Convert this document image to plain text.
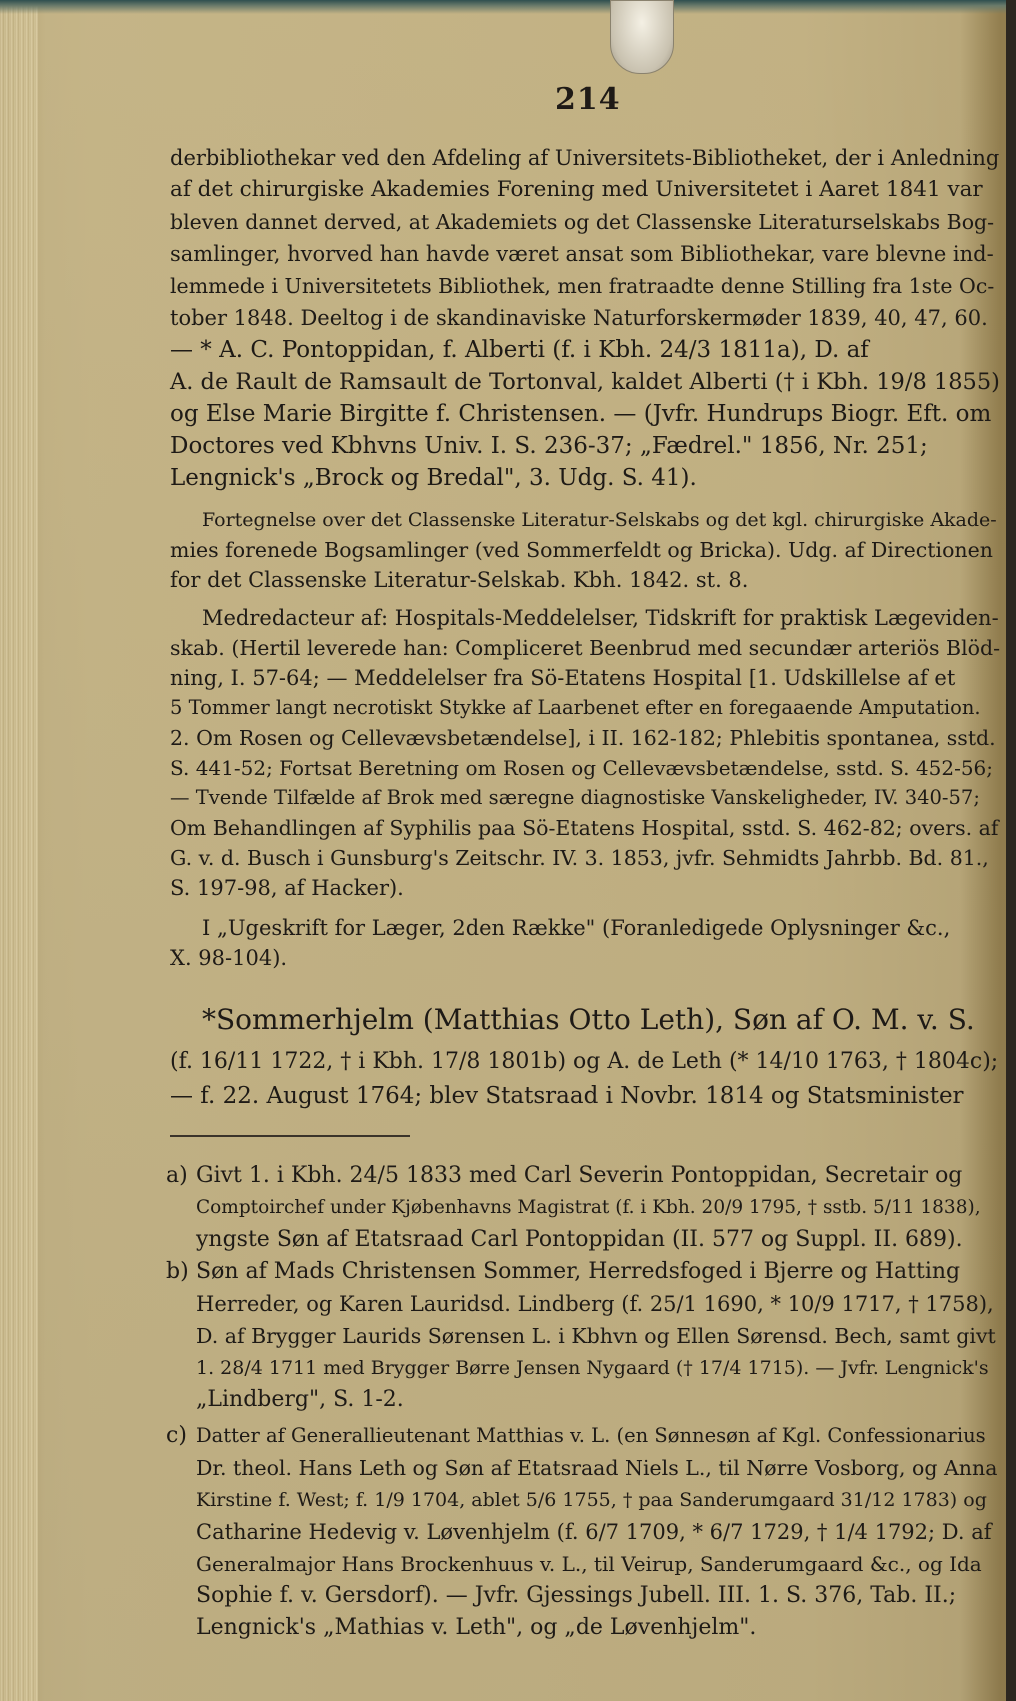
214
derbibliothekar ved den Afdeling af Universitets-Bibliotheket, der i Anledning
af det chirurgiske Akademies Forening med Universitetet i Aaret 1841 var
bleven dannet derved, at Akademiets og det Classenske Literaturselskabs Bog-
samlinger, hvorved han havde været ansat som Bibliothekar, vare blevne ind-
lemmede i Universitetets Bibliothek, men fratraadte denne Stilling fra 1ste Oc-
tober 1848. Deeltog i de skandinaviske Naturforskermøder 1839, 40, 47, 60.
— * A. C. Pontoppidan, f. Alberti (f. i Kbh. 24/3 1811a), D. af
A. de Rault de Ramsault de Tortonval, kaldet Alberti († i Kbh. 19/8 1855)
og Else Marie Birgitte f. Christensen. — (Jvfr. Hundrups Biogr. Eft. om
Doctores ved Kbhvns Univ. I. S. 236-37; „Fædrel." 1856, Nr. 251;
Lengnick's „Brock og Bredal", 3. Udg. S. 41).
Fortegnelse over det Classenske Literatur-Selskabs og det kgl. chirurgiske Akade-
mies forenede Bogsamlinger (ved Sommerfeldt og Bricka). Udg. af Directionen
for det Classenske Literatur-Selskab. Kbh. 1842. st. 8.
Medredacteur af: Hospitals-Meddelelser, Tidskrift for praktisk Lægeviden-
skab. (Hertil leverede han: Compliceret Beenbrud med secundær arteriös Blöd-
ning, I. 57-64; — Meddelelser fra Sö-Etatens Hospital [1. Udskillelse af et
5 Tommer langt necrotiskt Stykke af Laarbenet efter en foregaaende Amputation.
2. Om Rosen og Cellevævsbetændelse], i II. 162-182; Phlebitis spontanea, sstd.
S. 441-52; Fortsat Beretning om Rosen og Cellevævsbetændelse, sstd. S. 452-56;
— Tvende Tilfælde af Brok med særegne diagnostiske Vanskeligheder, IV. 340-57;
Om Behandlingen af Syphilis paa Sö-Etatens Hospital, sstd. S. 462-82; overs. af
G. v. d. Busch i Gunsburg's Zeitschr. IV. 3. 1853, jvfr. Sehmidts Jahrbb. Bd. 81.,
S. 197-98, af Hacker).
I „Ugeskrift for Læger, 2den Række" (Foranledigede Oplysninger &c.,
X. 98-104).
*Sommerhjelm (Matthias Otto Leth), Søn af O. M. v. S.
(f. 16/11 1722, † i Kbh. 17/8 1801b) og A. de Leth (* 14/10 1763, † 1804c);
— f. 22. August 1764; blev Statsraad i Novbr. 1814 og Statsminister
a) Givt 1. i Kbh. 24/5 1833 med Carl Severin Pontoppidan, Secretair og
Comptoirchef under Kjøbenhavns Magistrat (f. i Kbh. 20/9 1795, † sstb. 5/11 1838),
yngste Søn af Etatsraad Carl Pontoppidan (II. 577 og Suppl. II. 689).
b) Søn af Mads Christensen Sommer, Herredsfoged i Bjerre og Hatting
Herreder, og Karen Lauridsd. Lindberg (f. 25/1 1690, * 10/9 1717, † 1758),
D. af Brygger Laurids Sørensen L. i Kbhvn og Ellen Sørensd. Bech, samt givt
1. 28/4 1711 med Brygger Børre Jensen Nygaard († 17/4 1715). — Jvfr. Lengnick's
„Lindberg", S. 1-2.
c) Datter af Generallieutenant Matthias v. L. (en Sønnesøn af Kgl. Confessionarius
Dr. theol. Hans Leth og Søn af Etatsraad Niels L., til Nørre Vosborg, og Anna
Kirstine f. West; f. 1/9 1704, ablet 5/6 1755, † paa Sanderumgaard 31/12 1783) og
Catharine Hedevig v. Løvenhjelm (f. 6/7 1709, * 6/7 1729, † 1/4 1792; D. af
Generalmajor Hans Brockenhuus v. L., til Veirup, Sanderumgaard &c., og Ida
Sophie f. v. Gersdorf). — Jvfr. Gjessings Jubell. III. 1. S. 376, Tab. II.;
Lengnick's „Mathias v. Leth", og „de Løvenhjelm".
